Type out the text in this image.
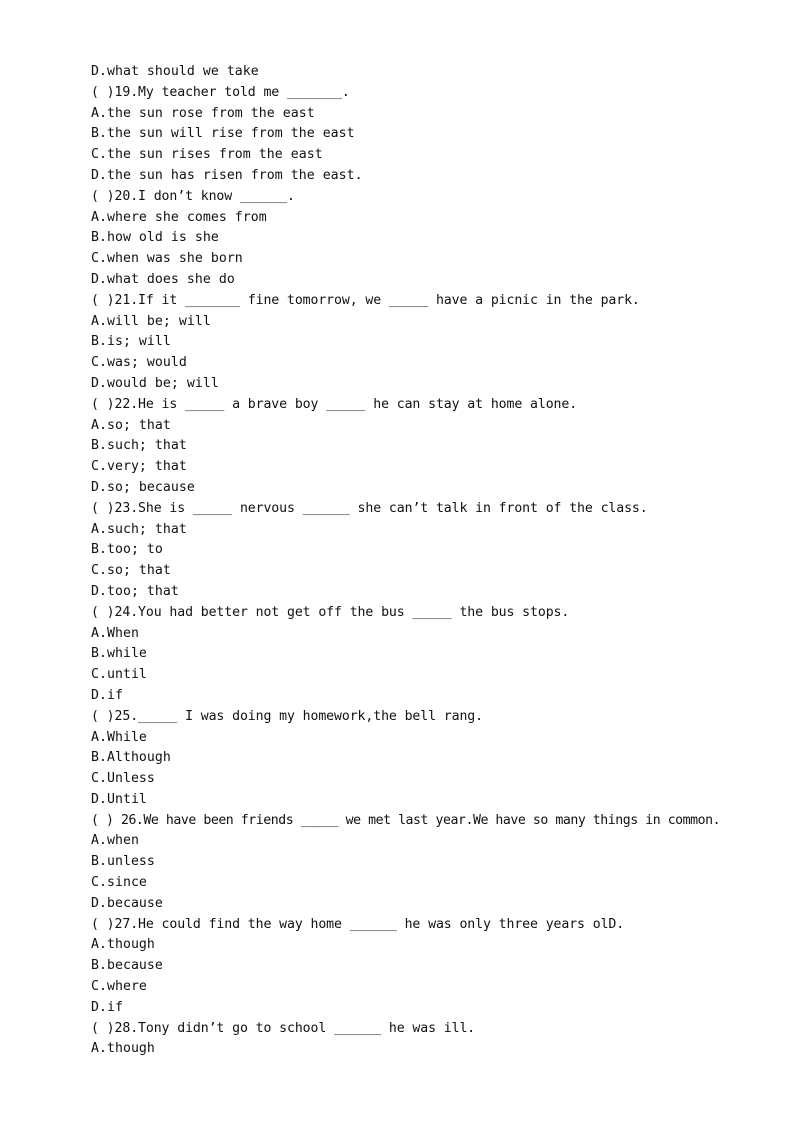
D.what should we take
( )19.My teacher told me _______.
A.the sun rose from the east
B.the sun will rise from the east
C.the sun rises from the east
D.the sun has risen from the east.
( )20.I don’t know ______.
A.where she comes from
B.how old is she
C.when was she born
D.what does she do
( )21.If it _______ fine tomorrow, we _____ have a picnic in the park.
A.will be; will
B.is; will
C.was; would
D.would be; will
( )22.He is _____ a brave boy _____ he can stay at home alone.
A.so; that
B.such; that
C.very; that
D.so; because
( )23.She is _____ nervous ______ she can’t talk in front of the class.
A.such; that
B.too; to
C.so; that
D.too; that
( )24.You had better not get off the bus _____ the bus stops.
A.When
B.while
C.until
D.if
( )25._____ I was doing my homework,the bell rang.
A.While
B.Although
C.Unless
D.Until
( ) 26.We have been friends _____ we met last year.We have so many things in common.
A.when
B.unless
C.since
D.because
( )27.He could find the way home ______ he was only three years olD.
A.though
B.because
C.where
D.if
( )28.Tony didn’t go to school ______ he was ill.
A.though
